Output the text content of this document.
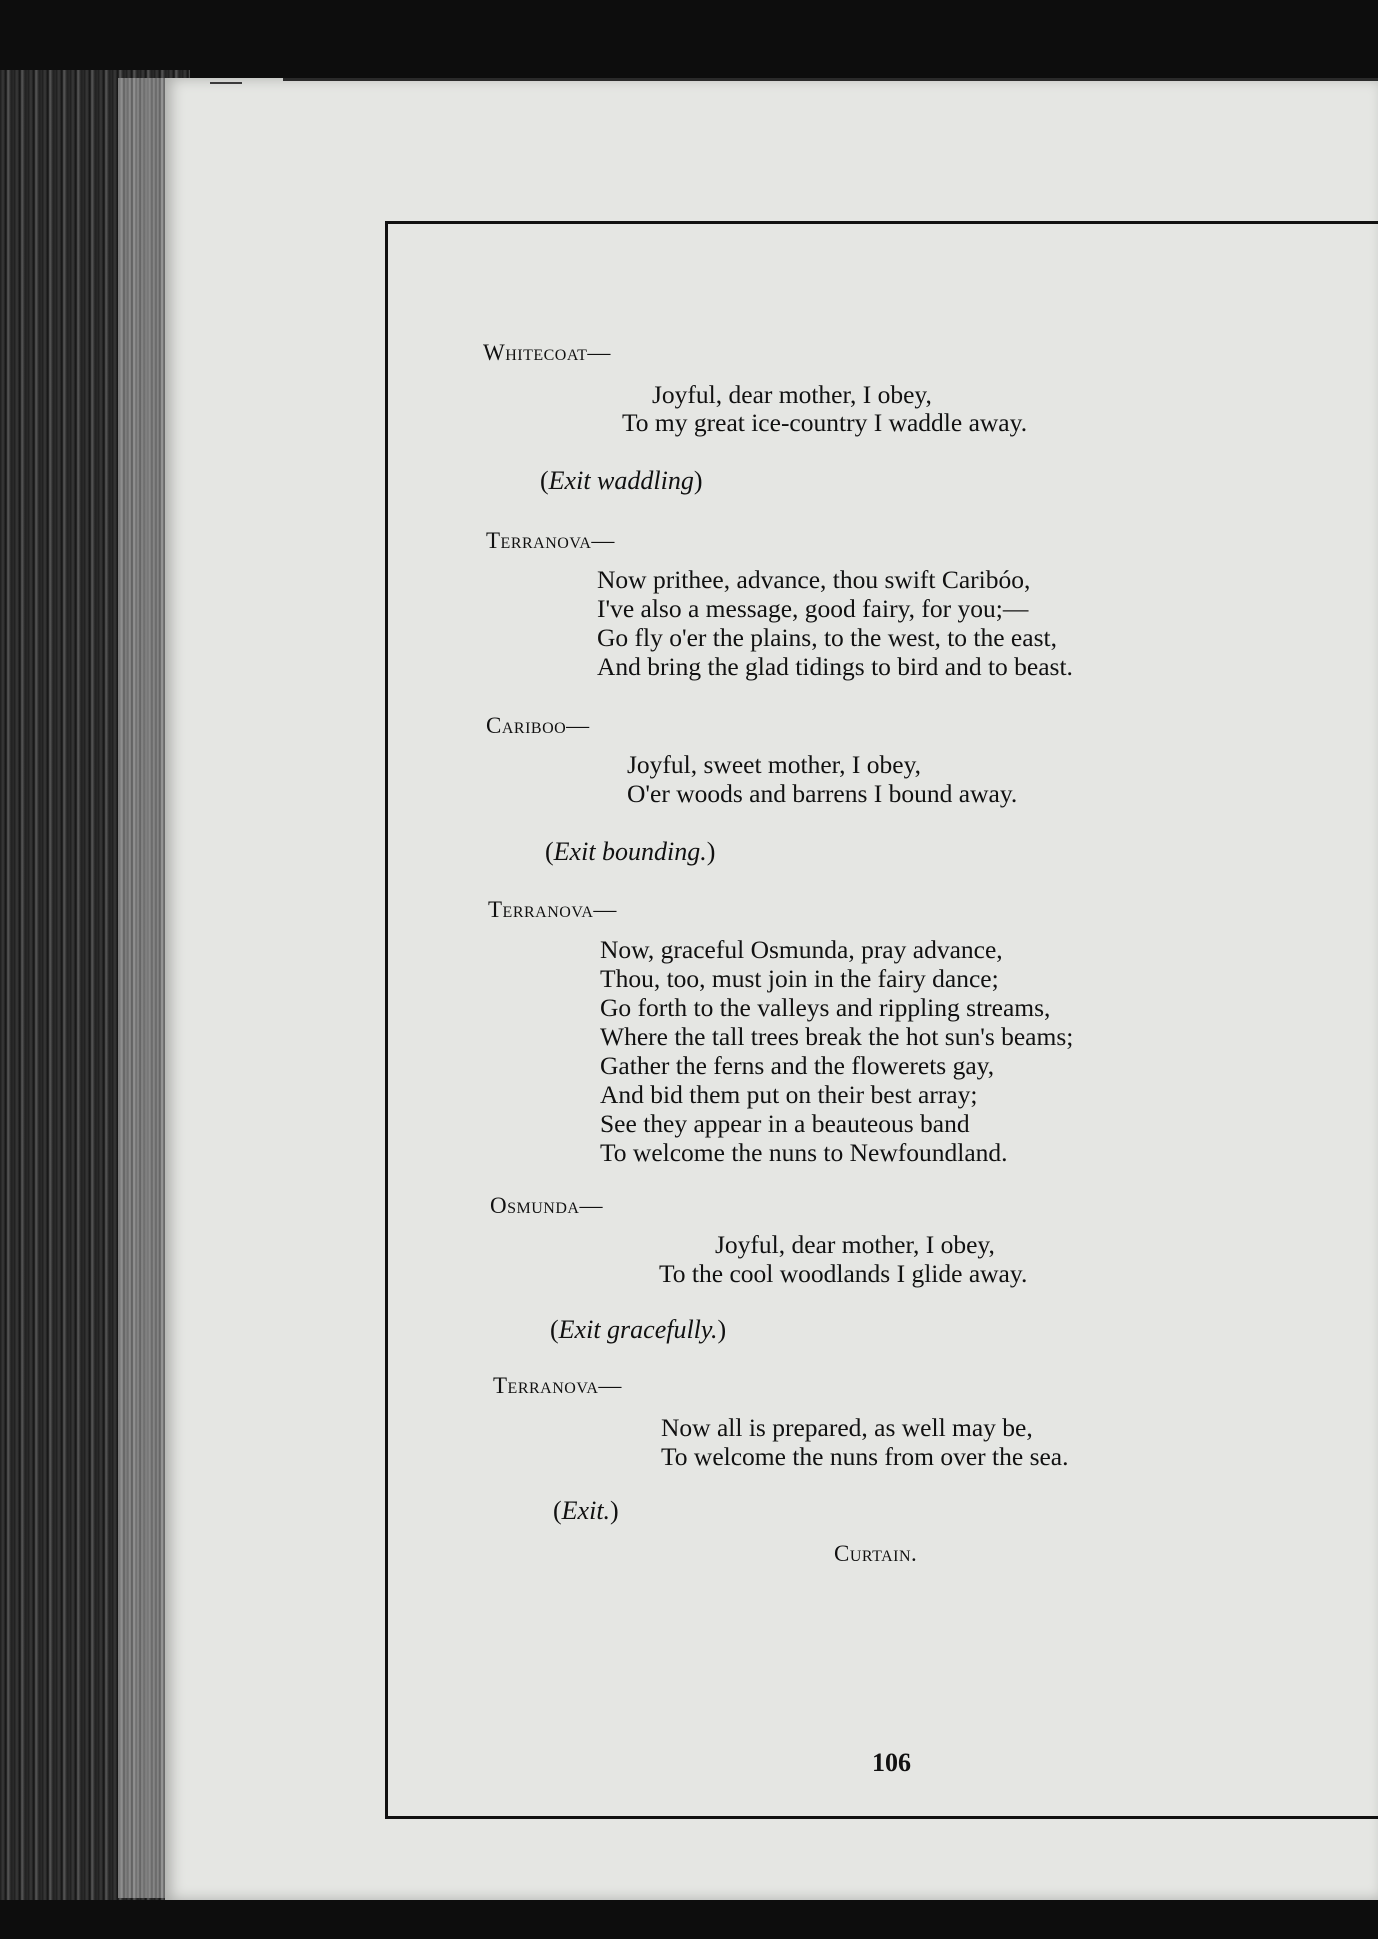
Whitecoat—
Joyful, dear mother, I obey,
To my great ice-country I waddle away.
(Exit waddling)
Terranova—
Now prithee, advance, thou swift Caribóo,
I've also a message, good fairy, for you;—
Go fly o'er the plains, to the west, to the east,
And bring the glad tidings to bird and to beast.
Cariboo—
Joyful, sweet mother, I obey,
O'er woods and barrens I bound away.
(Exit bounding.)
Terranova—
Now, graceful Osmunda, pray advance,
Thou, too, must join in the fairy dance;
Go forth to the valleys and rippling streams,
Where the tall trees break the hot sun's beams;
Gather the ferns and the flowerets gay,
And bid them put on their best array;
See they appear in a beauteous band
To welcome the nuns to Newfoundland.
Osmunda—
Joyful, dear mother, I obey,
To the cool woodlands I glide away.
(Exit gracefully.)
Terranova—
Now all is prepared, as well may be,
To welcome the nuns from over the sea.
(Exit.)
Curtain.
106
